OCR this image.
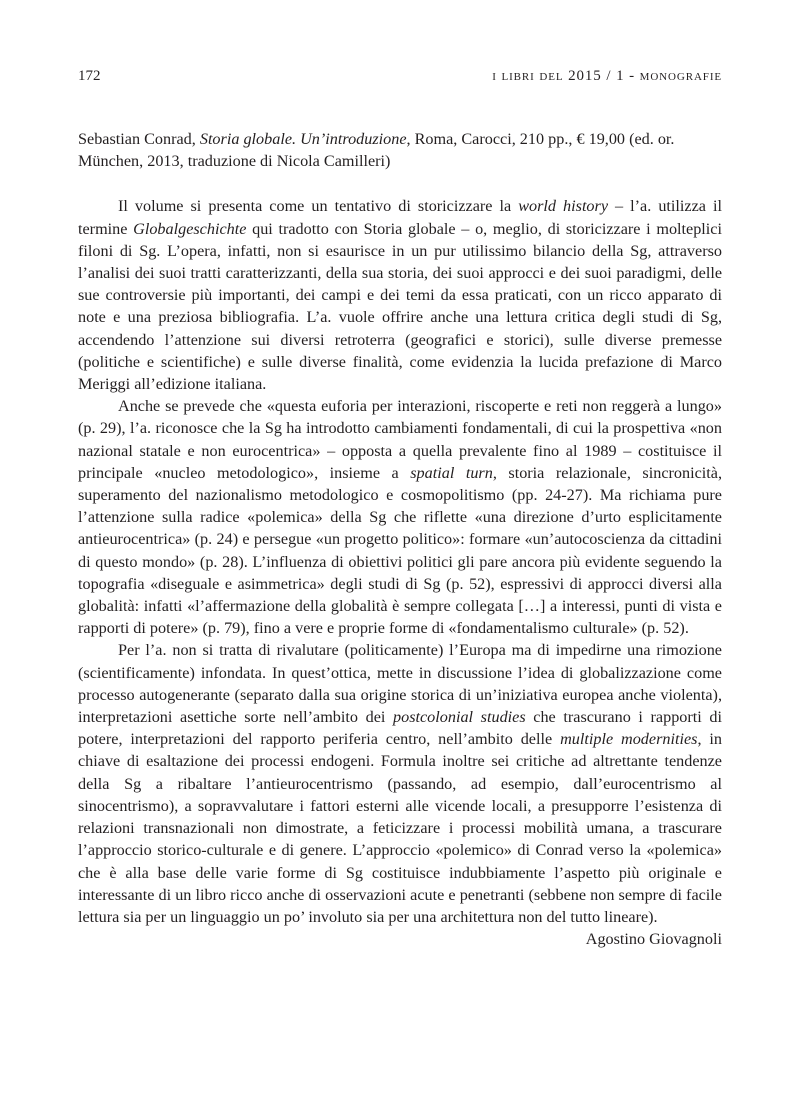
172	i libri del 2015 / 1 - monografie

Sebastian Conrad, Storia globale. Un’introduzione, Roma, Carocci, 210 pp., € 19,00 (ed. or. München, 2013, traduzione di Nicola Camilleri)

Il volume si presenta come un tentativo di storicizzare la world history – l’a. utilizza il termine Globalgeschichte qui tradotto con Storia globale – o, meglio, di storicizzare i molteplici filoni di Sg. L’opera, infatti, non si esaurisce in un pur utilissimo bilancio della Sg, attraverso l’analisi dei suoi tratti caratterizzanti, della sua storia, dei suoi approcci e dei suoi paradigmi, delle sue controversie più importanti, dei campi e dei temi da essa praticati, con un ricco apparato di note e una preziosa bibliografia. L’a. vuole offrire anche una lettura critica degli studi di Sg, accendendo l’attenzione sui diversi retroterra (geografici e storici), sulle diverse premesse (politiche e scientifiche) e sulle diverse finalità, come evidenzia la lucida prefazione di Marco Meriggi all’edizione italiana.

Anche se prevede che «questa euforia per interazioni, riscoperte e reti non reggerà a lungo» (p. 29), l’a. riconosce che la Sg ha introdotto cambiamenti fondamentali, di cui la prospettiva «non nazional statale e non eurocentrica» – opposta a quella prevalente fino al 1989 – costituisce il principale «nucleo metodologico», insieme a spatial turn, storia relazionale, sincronicità, superamento del nazionalismo metodologico e cosmopolitismo (pp. 24-27). Ma richiama pure l’attenzione sulla radice «polemica» della Sg che riflette «una direzione d’urto esplicitamente antieurocentrica» (p. 24) e persegue «un progetto politico»: formare «un’autocoscienza da cittadini di questo mondo» (p. 28). L’influenza di obiettivi politici gli pare ancora più evidente seguendo la topografia «diseguale e asimmetrica» degli studi di Sg (p. 52), espressivi di approcci diversi alla globalità: infatti «l’affermazione della globalità è sempre collegata […] a interessi, punti di vista e rapporti di potere» (p. 79), fino a vere e proprie forme di «fondamentalismo culturale» (p. 52).

Per l’a. non si tratta di rivalutare (politicamente) l’Europa ma di impedirne una rimozione (scientificamente) infondata. In quest’ottica, mette in discussione l’idea di globalizzazione come processo autogenerante (separato dalla sua origine storica di un’iniziativa europea anche violenta), interpretazioni asettiche sorte nell’ambito dei postcolonial studies che trascurano i rapporti di potere, interpretazioni del rapporto periferia centro, nell’ambito delle multiple modernities, in chiave di esaltazione dei processi endogeni. Formula inoltre sei critiche ad altrettante tendenze della Sg a ribaltare l’antieurocentrismo (passando, ad esempio, dall’eurocentrismo al sinocentrismo), a sopravvalutare i fattori esterni alle vicende locali, a presupporre l’esistenza di relazioni transnazionali non dimostrate, a feticizzare i processi mobilità umana, a trascurare l’approccio storico-culturale e di genere. L’approccio «polemico» di Conrad verso la «polemica» che è alla base delle varie forme di Sg costituisce indubbiamente l’aspetto più originale e interessante di un libro ricco anche di osservazioni acute e penetranti (sebbene non sempre di facile lettura sia per un linguaggio un po’ involuto sia per una architettura non del tutto lineare).

Agostino Giovagnoli
